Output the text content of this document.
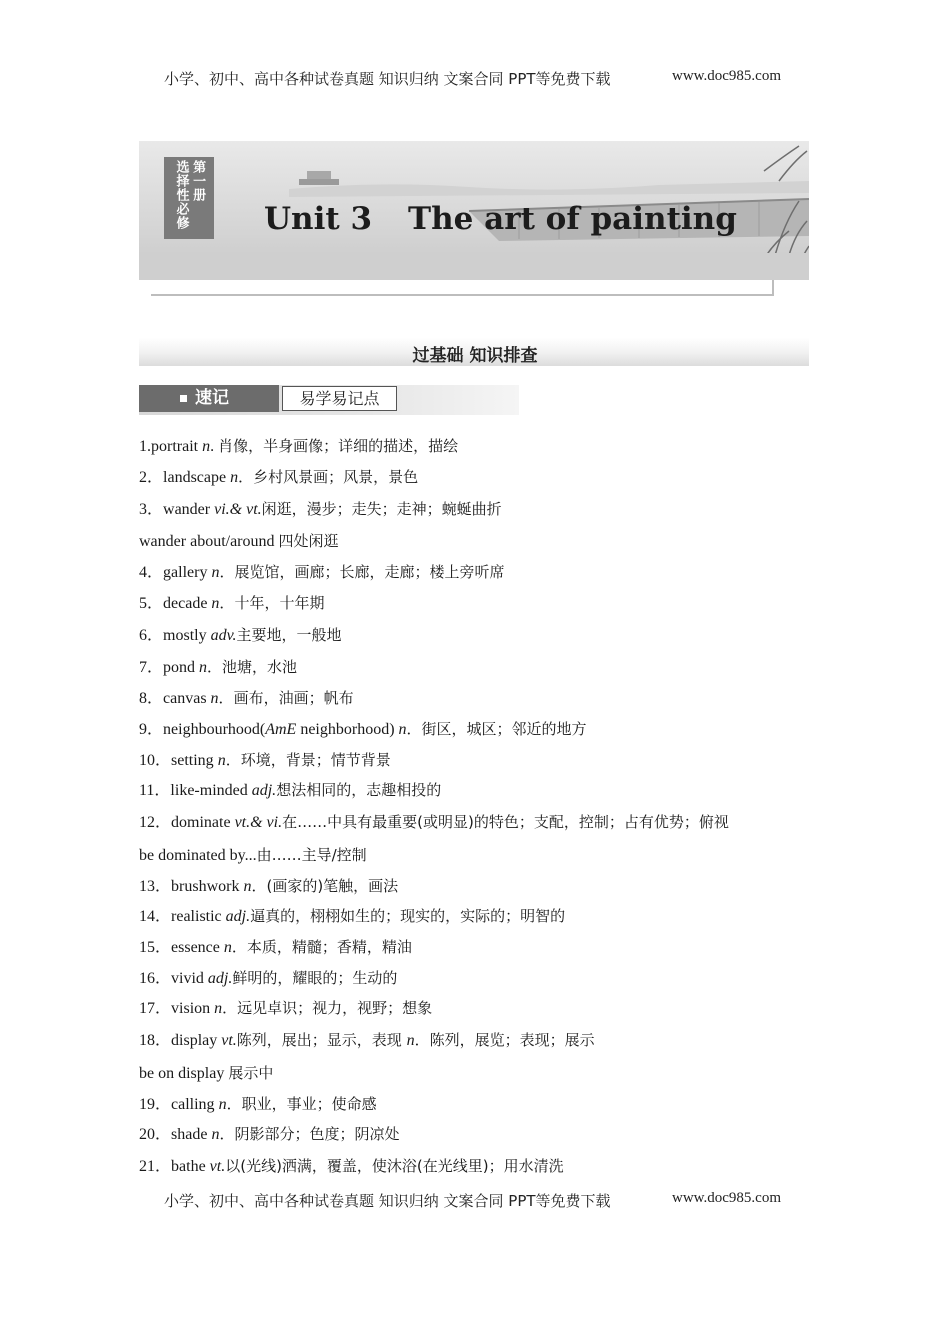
小学、初中、高中各种试卷真题 知识归纳 文案合同 PPT等免费下载	www.doc985.com
第一册
选择性必修 Unit 3 The art of painting
过基础 知识排查
速记	易学易记点
1.portrait n. 肖像，半身画像；详细的描述，描绘
2．landscape n．乡村风景画；风景，景色
3．wander vi.& vt.闲逛，漫步；走失；走神；蜿蜒曲折
wander about/around 四处闲逛
4．gallery n．展览馆，画廊；长廊，走廊；楼上旁听席
5．decade n．十年，十年期
6．mostly adv.主要地，一般地
7．pond n．池塘，水池
8．canvas n．画布，油画；帆布
9．neighbourhood(AmE neighborhood) n．街区，城区；邻近的地方
10．setting n．环境，背景；情节背景
11．like-minded adj.想法相同的，志趣相投的
12．dominate vt.& vi.在……中具有最重要(或明显)的特色；支配，控制；占有优势；俯视
be dominated by...由……主导/控制
13．brushwork n．(画家的)笔触，画法
14．realistic adj.逼真的，栩栩如生的；现实的，实际的；明智的
15．essence n．本质，精髓；香精，精油
16．vivid adj.鲜明的，耀眼的；生动的
17．vision n．远见卓识；视力，视野；想象
18．display vt.陈列，展出；显示，表现 n．陈列，展览；表现；展示
be on display 展示中
19．calling n．职业，事业；使命感
20．shade n．阴影部分；色度；阴凉处
21．bathe vt.以(光线)洒满，覆盖，使沐浴(在光线里)；用水清洗
小学、初中、高中各种试卷真题 知识归纳 文案合同 PPT等免费下载	www.doc985.com
